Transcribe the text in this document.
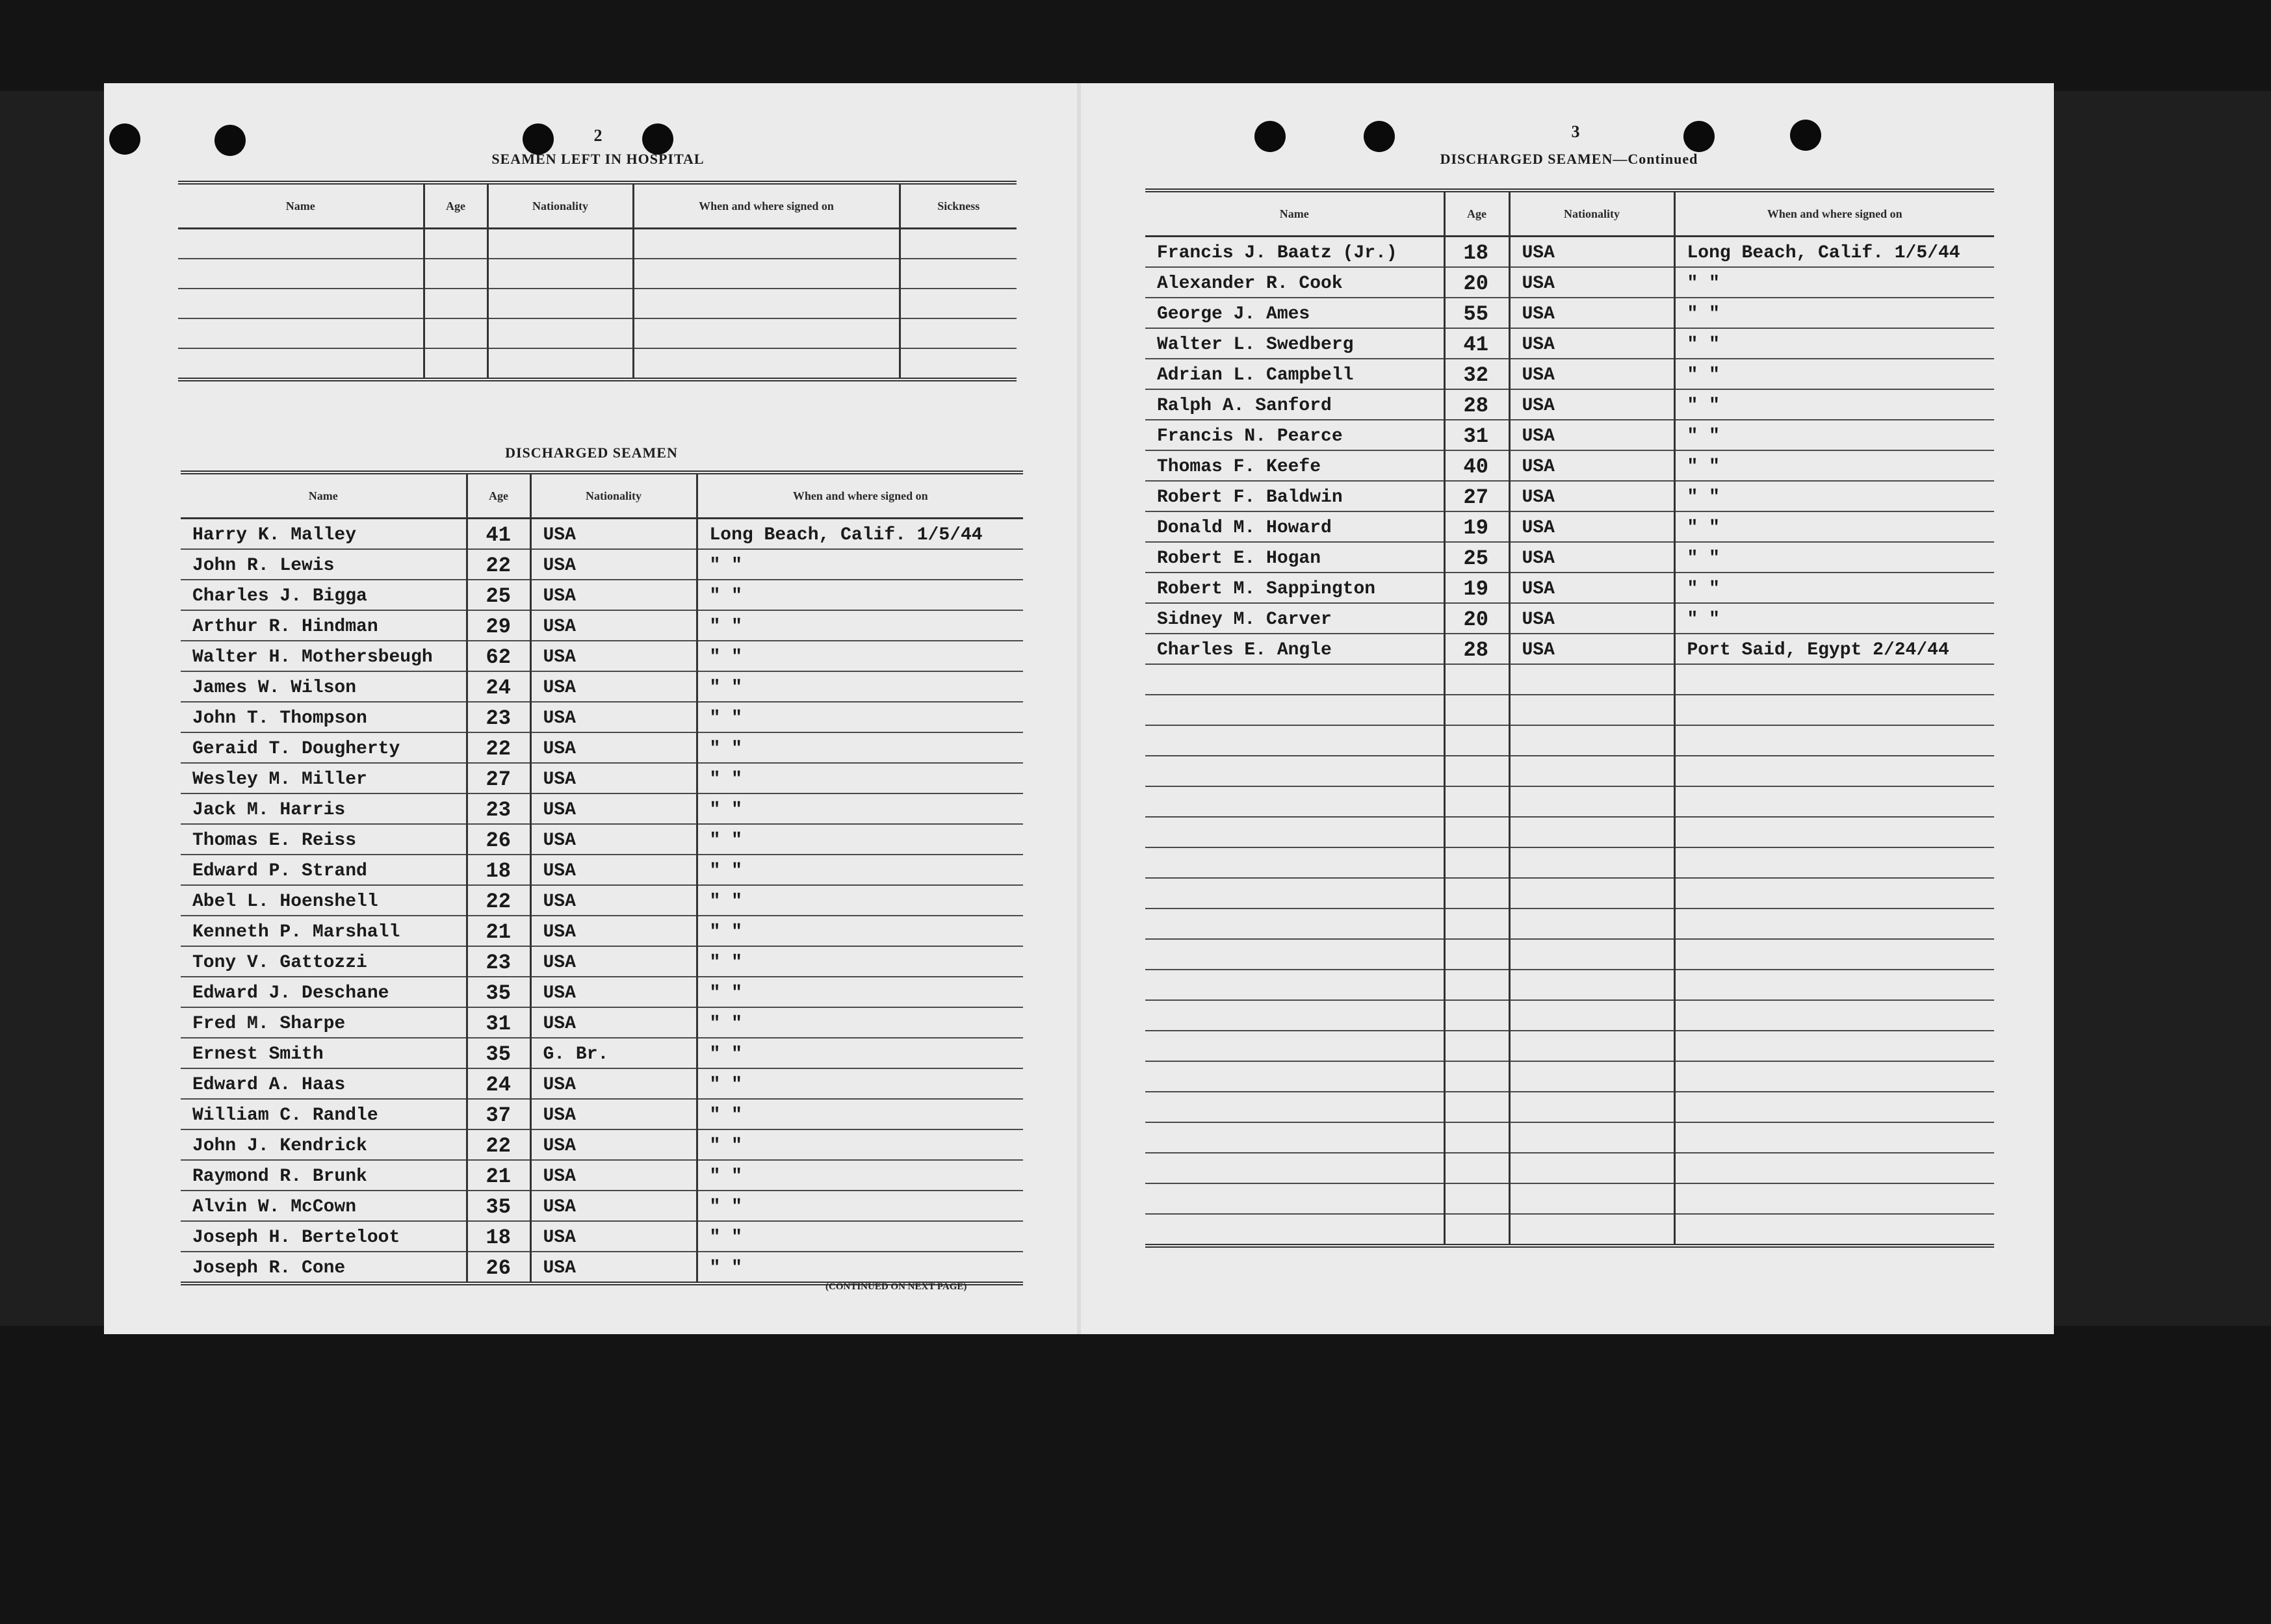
2
SEAMEN LEFT IN HOSPITAL
Name	Age	Nationality	When and where signed on	Sickness

DISCHARGED SEAMEN
Name	Age	Nationality	When and where signed on
Harry K. Malley	41	USA	Long Beach, Calif. 1/5/44
John R. Lewis	22	USA	" "
Charles J. Bigga	25	USA	" "
Arthur R. Hindman	29	USA	" "
Walter H. Mothersbeugh	62	USA	" "
James W. Wilson	24	USA	" "
John T. Thompson	23	USA	" "
Geraid T. Dougherty	22	USA	" "
Wesley M. Miller	27	USA	" "
Jack M. Harris	23	USA	" "
Thomas E. Reiss	26	USA	" "
Edward P. Strand	18	USA	" "
Abel L. Hoenshell	22	USA	" "
Kenneth P. Marshall	21	USA	" "
Tony V. Gattozzi	23	USA	" "
Edward J. Deschane	35	USA	" "
Fred M. Sharpe	31	USA	" "
Ernest Smith	35	G. Br.	" "
Edward A. Haas	24	USA	" "
William C. Randle	37	USA	" "
John J. Kendrick	22	USA	" "
Raymond R. Brunk	21	USA	" "
Alvin W. McCown	35	USA	" "
Joseph H. Berteloot	18	USA	" "
Joseph R. Cone	26	USA	" "
(CONTINUED ON NEXT PAGE)
3
DISCHARGED SEAMEN—Continued
Name	Age	Nationality	When and where signed on
Francis J. Baatz (Jr.)	18	USA	Long Beach, Calif. 1/5/44
Alexander R. Cook	20	USA	" "
George J. Ames	55	USA	" "
Walter L. Swedberg	41	USA	" "
Adrian L. Campbell	32	USA	" "
Ralph A. Sanford	28	USA	" "
Francis N. Pearce	31	USA	" "
Thomas F. Keefe	40	USA	" "
Robert F. Baldwin	27	USA	" "
Donald M. Howard	19	USA	" "
Robert E. Hogan	25	USA	" "
Robert M. Sappington	19	USA	" "
Sidney M. Carver	20	USA	" "
Charles E. Angle	28	USA	Port Said, Egypt 2/24/44
